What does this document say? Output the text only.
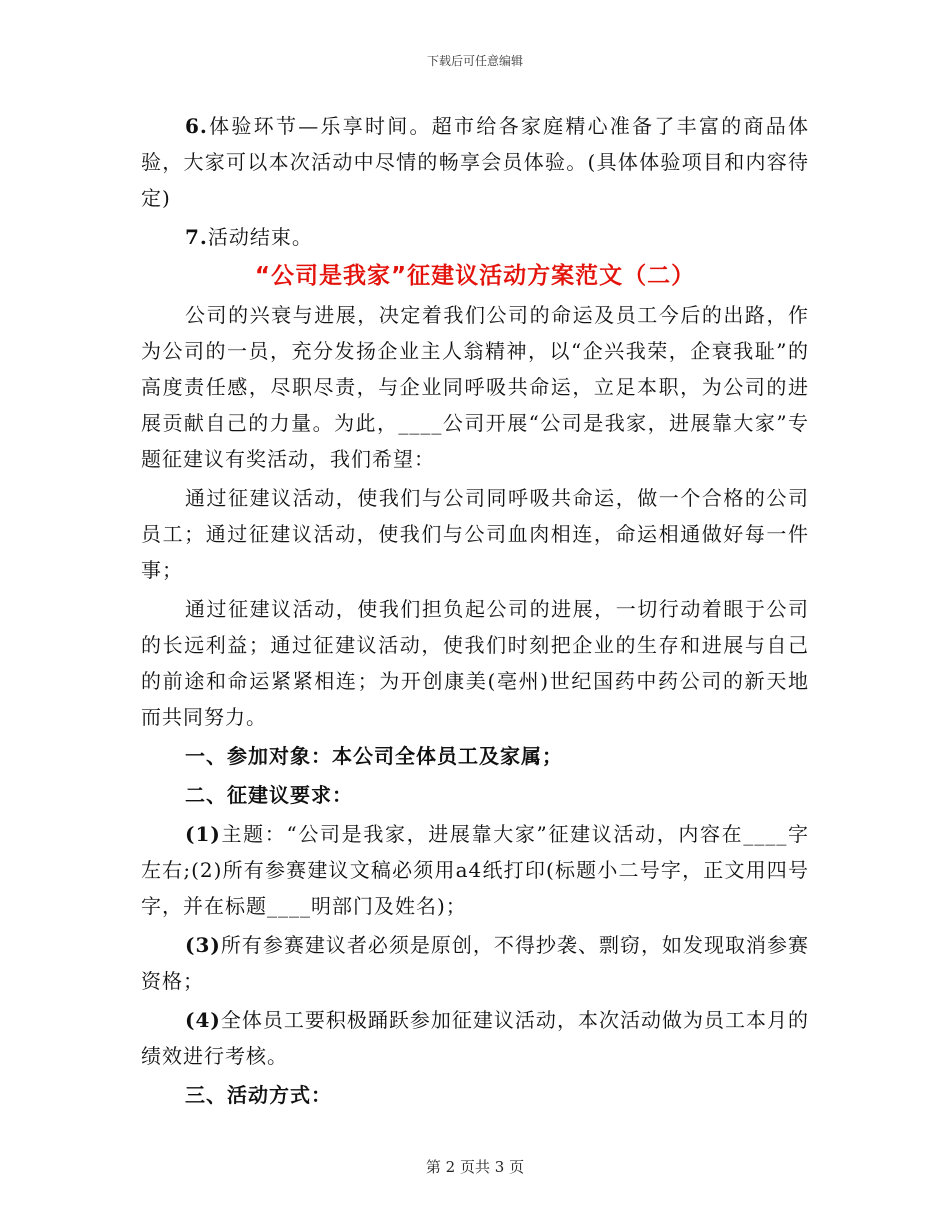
下载后可任意编辑
6.体验环节—乐享时间。超市给各家庭精心准备了丰富的商品体验，大家可以本次活动中尽情的畅享会员体验。(具体体验项目和内容待定)
7.活动结束。
“公司是我家”征建议活动方案范文（二）
公司的兴衰与进展，决定着我们公司的命运及员工今后的出路，作为公司的一员，充分发扬企业主人翁精神，以“企兴我荣，企衰我耻”的高度责任感，尽职尽责，与企业同呼吸共命运，立足本职，为公司的进展贡献自己的力量。为此，____公司开展“公司是我家，进展靠大家”专题征建议有奖活动，我们希望：
通过征建议活动，使我们与公司同呼吸共命运，做一个合格的公司员工；通过征建议活动，使我们与公司血肉相连，命运相通做好每一件事；
通过征建议活动，使我们担负起公司的进展，一切行动着眼于公司的长远利益；通过征建议活动，使我们时刻把企业的生存和进展与自己的前途和命运紧紧相连；为开创康美(亳州)世纪国药中药公司的新天地而共同努力。
一、参加对象：本公司全体员工及家属；
二、征建议要求：
(1)主题：“公司是我家，进展靠大家”征建议活动，内容在____字左右;(2)所有参赛建议文稿必须用a4纸打印(标题小二号字，正文用四号字，并在标题____明部门及姓名)；
(3)所有参赛建议者必须是原创，不得抄袭、剽窃，如发现取消参赛资格；
(4)全体员工要积极踊跃参加征建议活动，本次活动做为员工本月的绩效进行考核。
三、活动方式：
第 2 页共 3 页
